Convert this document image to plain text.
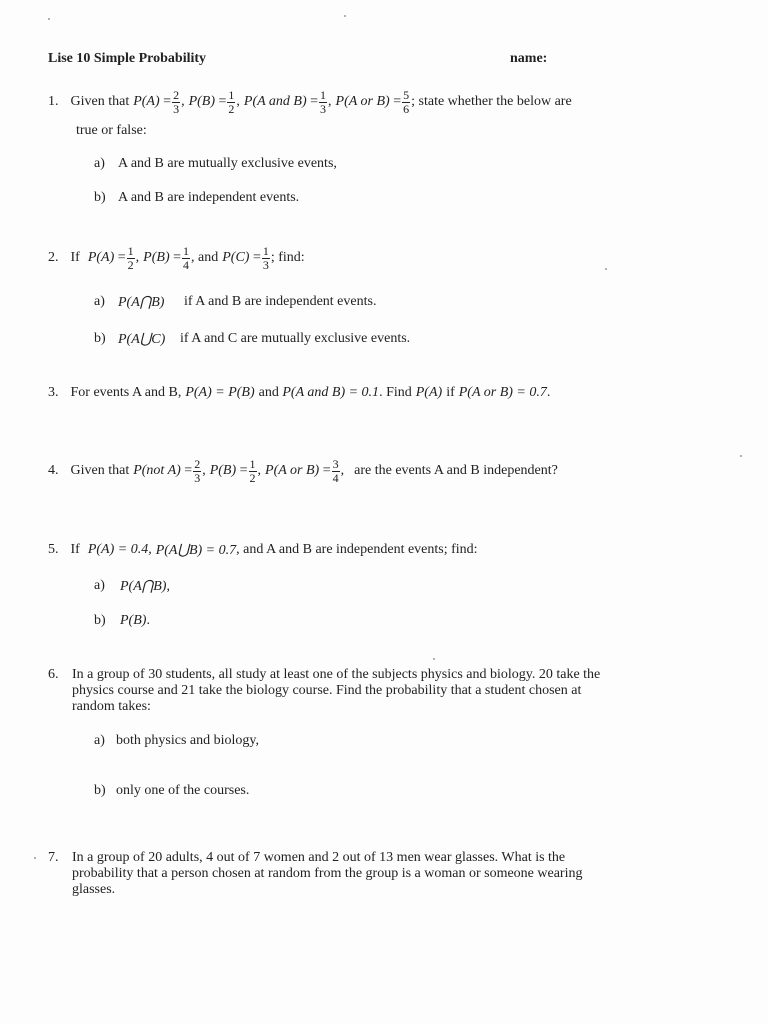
Lise 10 Simple Probability	name:
1. Given that $P(A) = \frac{2}{3}$ , $P(B) = \frac{1}{2}$ , P(A and $B) = \frac{1}{3}$ , P(A or $B) = \frac{5}{6}$ ; state whether the below are
true or false:
a) A and B are mutually exclusive events,
b) A and B are independent events.
2. If $P(A) = \frac{1}{2}$ , $P(B) = \frac{1}{4}$ , and $P(C) = \frac{1}{3}$ ; find:
a) P(A⋂B) if A and B are independent events.
b) P(A⋃C) if A and C are mutually exclusive events.
3. For events A and B, P(A) = P(B) and
P(A and B) = 0.1 . Find P(A) if P(A or B) = 0.7 .
4. Given that P(not $A) = \frac{2}{3}$ , $P(B) = \frac{1}{2}$ , P(A or $B) = \frac{3}{4}$ , are the events A and B independent?
5. If P(A) = 0.4 , P(A⋃B) = 0.7 , and A and B are independent events; find:
a) P(A⋂B),
b) P(B).
6. In a group of 30 students, all study at least one of the subjects physics and biology. 20 take the
physics course and 21 take the biology course. Find the probability that a student chosen at
random takes:
a) both physics and biology,
b) only one of the courses.
7. In a group of 20 adults, 4 out of 7 women and 2 out of 13 men wear glasses. What is the
probability that a person chosen at random from the group is a woman or someone wearing
glasses.
